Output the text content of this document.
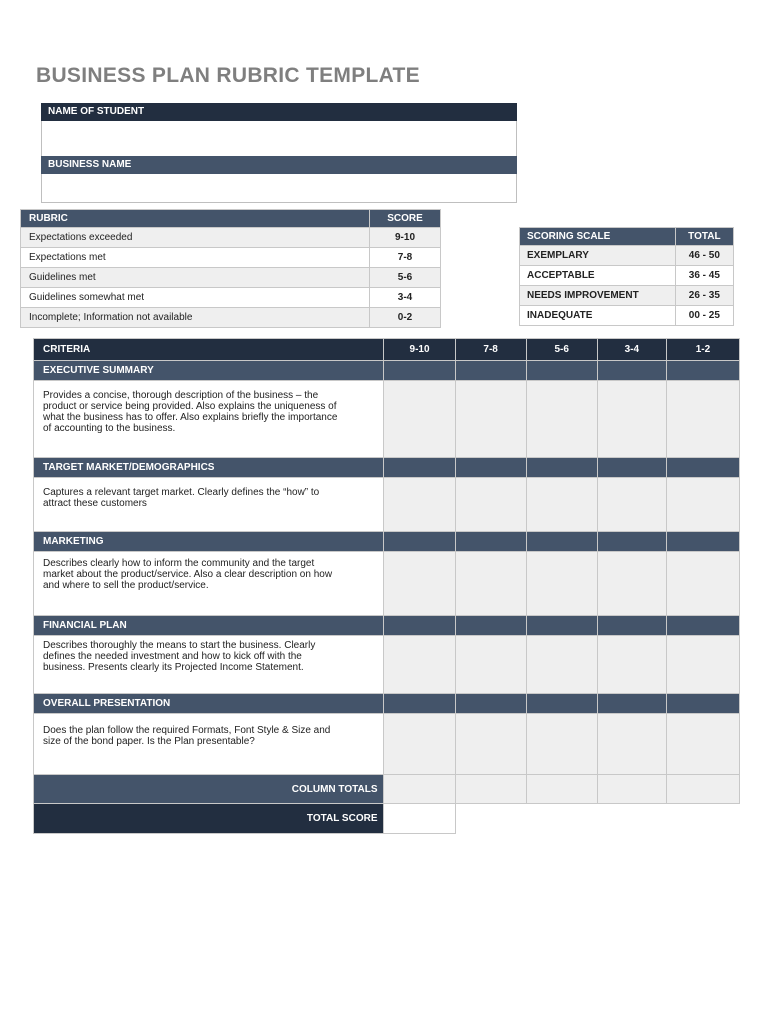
BUSINESS PLAN RUBRIC TEMPLATE
NAME OF STUDENT
BUSINESS NAME
RUBRIC	SCORE
Expectations exceeded	9-10
Expectations met	7-8
Guidelines met	5-6
Guidelines somewhat met	3-4
Incomplete; Information not available	0-2
SCORING SCALE	TOTAL
EXEMPLARY	46 - 50
ACCEPTABLE	36 - 45
NEEDS IMPROVEMENT	26 - 35
INADEQUATE	00 - 25
CRITERIA	9-10	7-8	5-6	3-4	1-2
EXECUTIVE SUMMARY					
Provides a concise, thorough description of the business – the product or service being provided. Also explains the uniqueness of what the business has to offer. Also explains briefly the importance of accounting to the business.					
TARGET MARKET/DEMOGRAPHICS					
Captures a relevant target market. Clearly defines the “how” to attract these customers					
MARKETING					
Describes clearly how to inform the community and the target market about the product/service. Also a clear description on how and where to sell the product/service.					
FINANCIAL PLAN					
Describes thoroughly the means to start the business. Clearly defines the needed investment and how to kick off with the business. Presents clearly its Projected Income Statement.					
OVERALL PRESENTATION					
Does the plan follow the required Formats, Font Style & Size and size of the bond paper. Is the Plan presentable?					
COLUMN TOTALS					
TOTAL SCORE					
